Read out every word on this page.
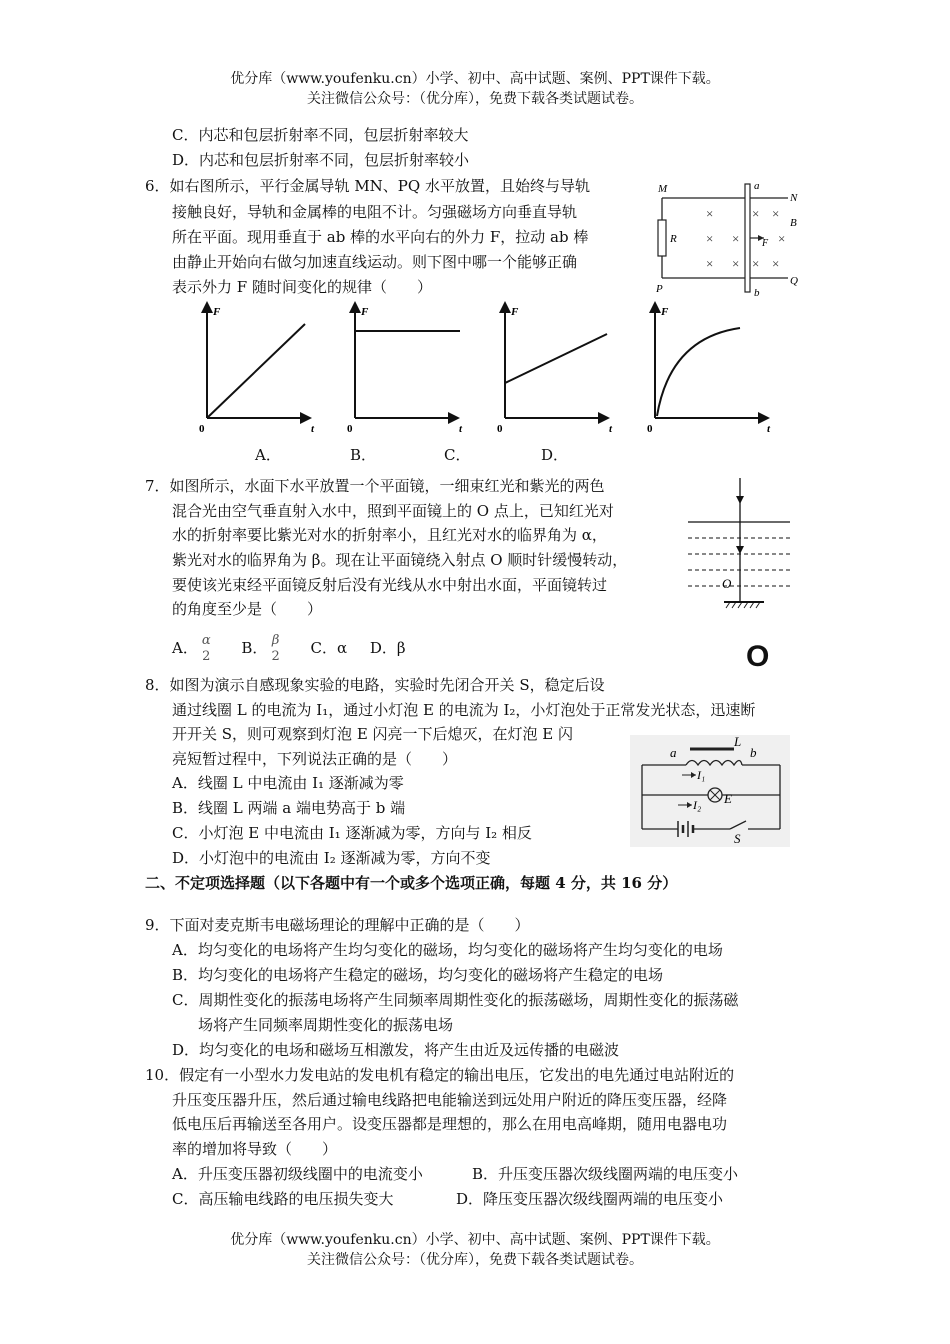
优分库（www.youfenku.cn）小学、初中、高中试题、案例、PPT课件下载。
关注微信公众号：（优分库），免费下载各类试题试卷。
C．内芯和包层折射率不同，包层折射率较大
D．内芯和包层折射率不同，包层折射率较小
6．如右图所示，平行金属导轨 MN、PQ 水平放置，且始终与导轨
接触良好，导轨和金属棒的电阻不计。匀强磁场方向垂直导轨
所在平面。现用垂直于 ab 棒的水平向右的外力 F，拉动 ab 棒
由静止开始向右做匀加速直线运动。则下图中哪一个能够正确
表示外力 F 随时间变化的规律（　　）
M
N
P
Q
a
b
R
B
×	× ×
× ×	×
× × × ×
F
F
0	t
F
0	t
F
0	t
F
0	t
A．	B．	C．	D．
7．如图所示，水面下水平放置一个平面镜，一细束红光和紫光的两色
混合光由空气垂直射入水中，照到平面镜上的 O 点上，已知红光对
水的折射率要比紫光对水的折射率小，且红光对水的临界角为 α，
紫光对水的临界角为 β。现在让平面镜绕入射点 O 顺时针缓慢转动，
要使该光束经平面镜反射后没有光线从水中射出水面，平面镜转过
的角度至少是（　　）
A． α
2 B． β
2 C．α D．β
O
O
8．如图为演示自感现象实验的电路，实验时先闭合开关 S，稳定后设
通过线圈 L 的电流为 I₁，通过小灯泡 E 的电流为 I₂，小灯泡处于正常发光状态，迅速断
开开关 S，则可观察到灯泡 E 闪亮一下后熄灭，在灯泡 E 闪
亮短暂过程中，下列说法正确的是（　　）
A．线圈 L 中电流由 I₁ 逐渐减为零
B．线圈 L 两端 a 端电势高于 b 端
C．小灯泡 E 中电流由 I₁ 逐渐减为零，方向与 I₂ 相反
D．小灯泡中的电流由 I₂ 逐渐减为零，方向不变
a
L
b
I₁
I₂ E
S
二、不定项选择题（以下各题中有一个或多个选项正确，每题 4 分，共 16 分）
9．下面对麦克斯韦电磁场理论的理解中正确的是（　　）
A．均匀变化的电场将产生均匀变化的磁场，均匀变化的磁场将产生均匀变化的电场
B．均匀变化的电场将产生稳定的磁场，均匀变化的磁场将产生稳定的电场
C．周期性变化的振荡电场将产生同频率周期性变化的振荡磁场，周期性变化的振荡磁
场将产生同频率周期性变化的振荡电场
D．均匀变化的电场和磁场互相激发，将产生由近及远传播的电磁波
10．假定有一小型水力发电站的发电机有稳定的输出电压，它发出的电先通过电站附近的
升压变压器升压，然后通过输电线路把电能输送到远处用户附近的降压变压器，经降
低电压后再输送至各用户。设变压器都是理想的，那么在用电高峰期，随用电器电功
率的增加将导致（　　）
A．升压变压器初级线圈中的电流变小	B．升压变压器次级线圈两端的电压变小
C．高压输电线路的电压损失变大	D．降压变压器次级线圈两端的电压变小
优分库（www.youfenku.cn）小学、初中、高中试题、案例、PPT课件下载。
关注微信公众号：（优分库），免费下载各类试题试卷。
